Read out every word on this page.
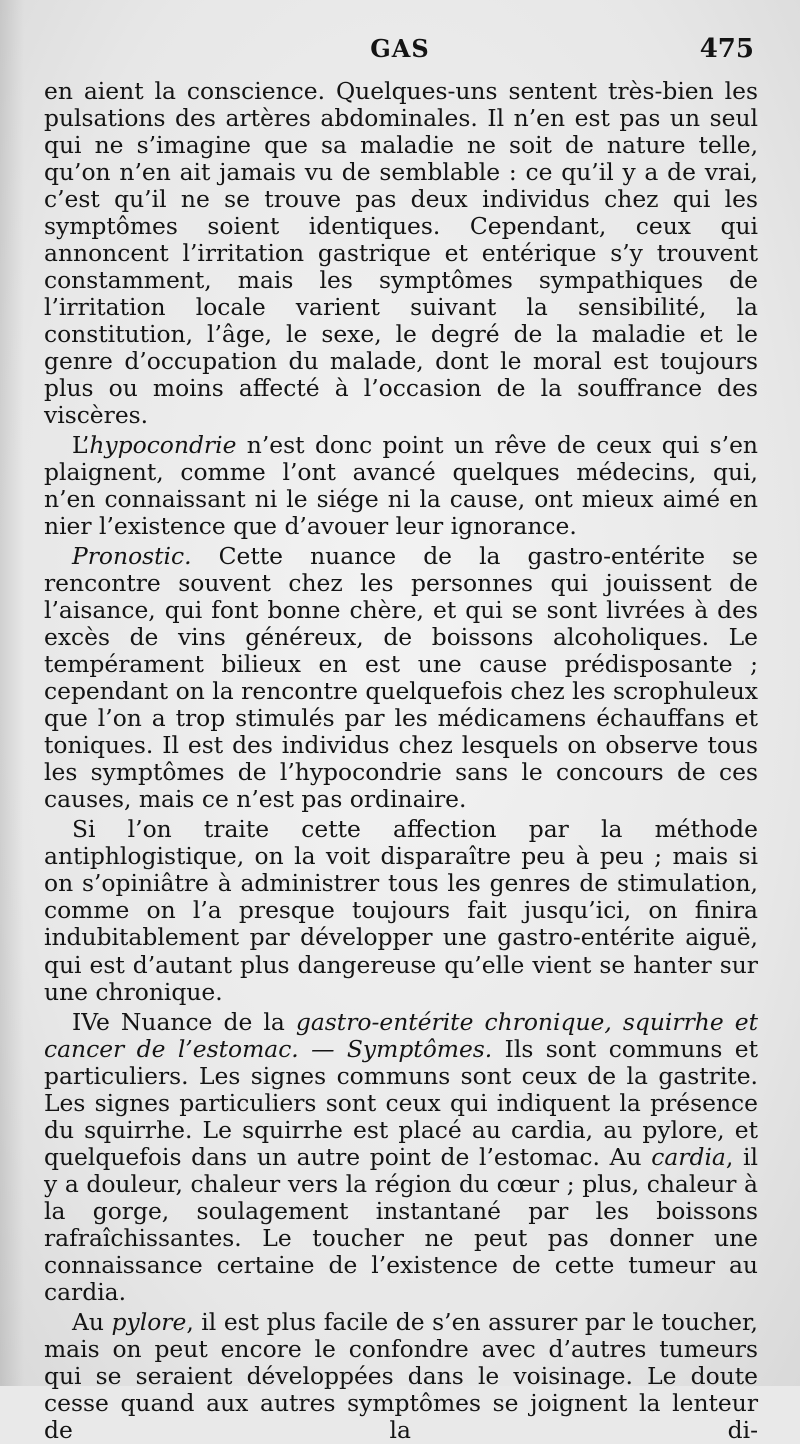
GAS	475

en aient la conscience. Quelques-uns sentent très-bien les pulsations des artères abdominales. Il n’en est pas un seul qui ne s’imagine que sa maladie ne soit de nature telle, qu’on n’en ait jamais vu de semblable : ce qu’il y a de vrai, c’est qu’il ne se trouve pas deux individus chez qui les symptômes soient identiques. Cependant, ceux qui annoncent l’irritation gastrique et entérique s’y trouvent constamment, mais les symptômes sympathiques de l’irritation locale varient suivant la sensibilité, la constitution, l’âge, le sexe, le degré de la maladie et le genre d’occupation du malade, dont le moral est toujours plus ou moins affecté à l’occasion de la souffrance des viscères.

L’hypocondrie n’est donc point un rêve de ceux qui s’en plaignent, comme l’ont avancé quelques médecins, qui, n’en connaissant ni le siége ni la cause, ont mieux aimé en nier l’existence que d’avouer leur ignorance.

Pronostic. Cette nuance de la gastro-entérite se rencontre souvent chez les personnes qui jouissent de l’aisance, qui font bonne chère, et qui se sont livrées à des excès de vins généreux, de boissons alcoholiques. Le tempérament bilieux en est une cause prédisposante ; cependant on la rencontre quelquefois chez les scrophuleux que l’on a trop stimulés par les médicamens échauffans et toniques. Il est des individus chez lesquels on observe tous les symptômes de l’hypocondrie sans le concours de ces causes, mais ce n’est pas ordinaire.

Si l’on traite cette affection par la méthode antiphlogistique, on la voit disparaître peu à peu ; mais si on s’opiniâtre à administrer tous les genres de stimulation, comme on l’a presque toujours fait jusqu’ici, on finira indubitablement par développer une gastro-entérite aiguë, qui est d’autant plus dangereuse qu’elle vient se hanter sur une chronique.

IVe Nuance de la gastro-entérite chronique, squirrhe et cancer de l’estomac. — Symptômes. Ils sont communs et particuliers. Les signes communs sont ceux de la gastrite. Les signes particuliers sont ceux qui indiquent la présence du squirrhe. Le squirrhe est placé au cardia, au pylore, et quelquefois dans un autre point de l’estomac. Au cardia, il y a douleur, chaleur vers la région du cœur ; plus, chaleur à la gorge, soulagement instantané par les boissons rafraîchissantes. Le toucher ne peut pas donner une connaissance certaine de l’existence de cette tumeur au cardia.

Au pylore, il est plus facile de s’en assurer par le toucher, mais on peut encore le confondre avec d’autres tumeurs qui se seraient développées dans le voisinage. Le doute cesse quand aux autres symptômes se joignent la lenteur de la di-
